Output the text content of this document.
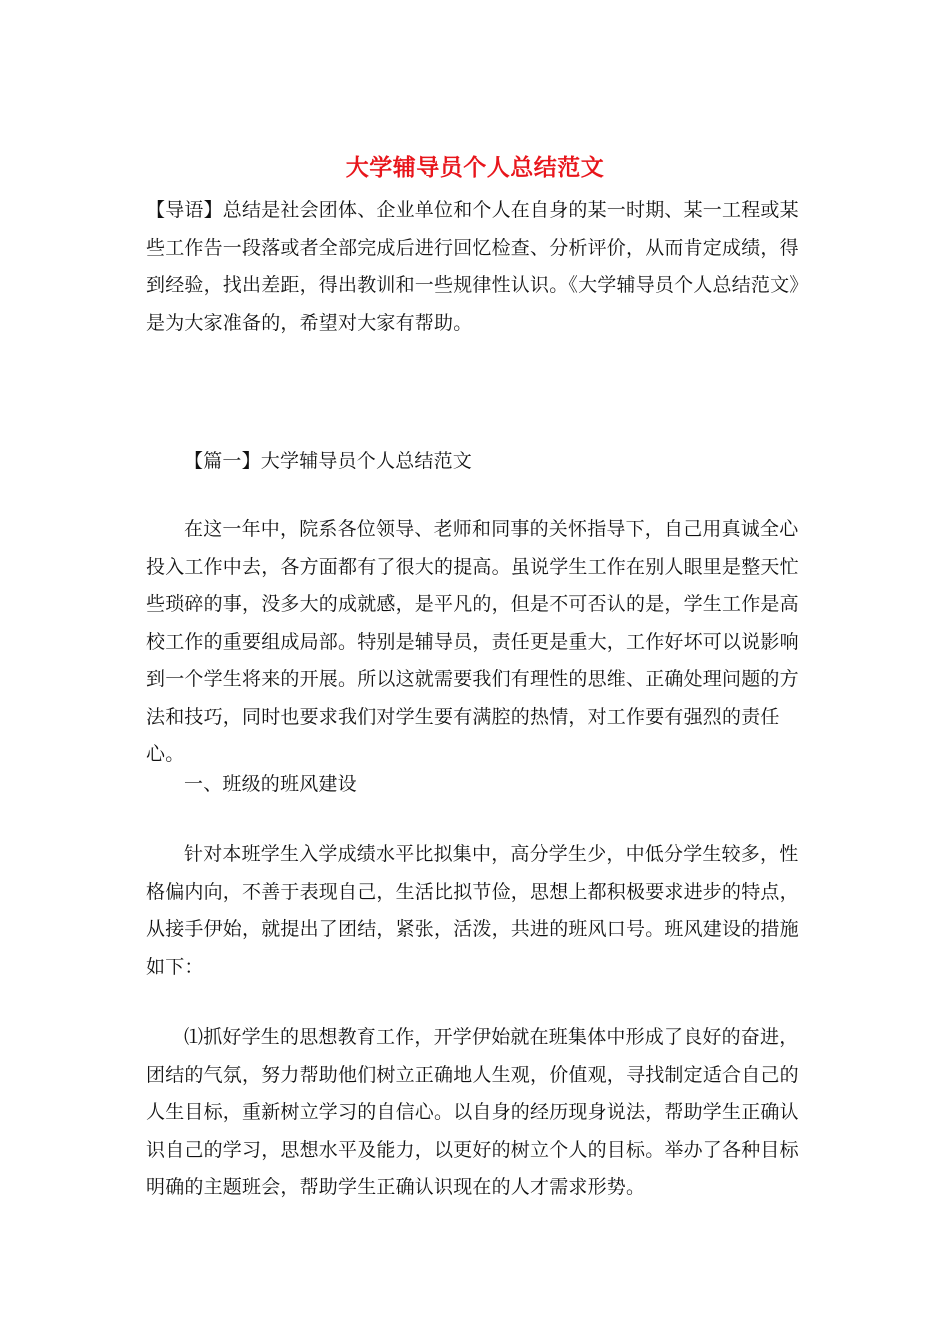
大学辅导员个人总结范文

【导语】总结是社会团体、企业单位和个人在自身的某一时期、某一工程或某些工作告一段落或者全部完成后进行回忆检查、分析评价，从而肯定成绩，得到经验，找出差距，得出教训和一些规律性认识。《大学辅导员个人总结范文》是为大家准备的，希望对大家有帮助。

【篇一】大学辅导员个人总结范文

在这一年中，院系各位领导、老师和同事的关怀指导下，自己用真诚全心投入工作中去，各方面都有了很大的提高。虽说学生工作在别人眼里是整天忙些琐碎的事，没多大的成就感，是平凡的，但是不可否认的是，学生工作是高校工作的重要组成局部。特别是辅导员，责任更是重大，工作好坏可以说影响到一个学生将来的开展。所以这就需要我们有理性的思维、正确处理问题的方法和技巧，同时也要求我们对学生要有满腔的热情，对工作要有强烈的责任心。

一、班级的班风建设

针对本班学生入学成绩水平比拟集中，高分学生少，中低分学生较多，性格偏内向，不善于表现自己，生活比拟节俭，思想上都积极要求进步的特点，从接手伊始，就提出了团结，紧张，活泼，共进的班风口号。班风建设的措施如下：

⑴抓好学生的思想教育工作，开学伊始就在班集体中形成了良好的奋进，团结的气氛，努力帮助他们树立正确地人生观，价值观，寻找制定适合自己的人生目标，重新树立学习的自信心。以自身的经历现身说法，帮助学生正确认识自己的学习，思想水平及能力，以更好的树立个人的目标。举办了各种目标明确的主题班会，帮助学生正确认识现在的人才需求形势。
